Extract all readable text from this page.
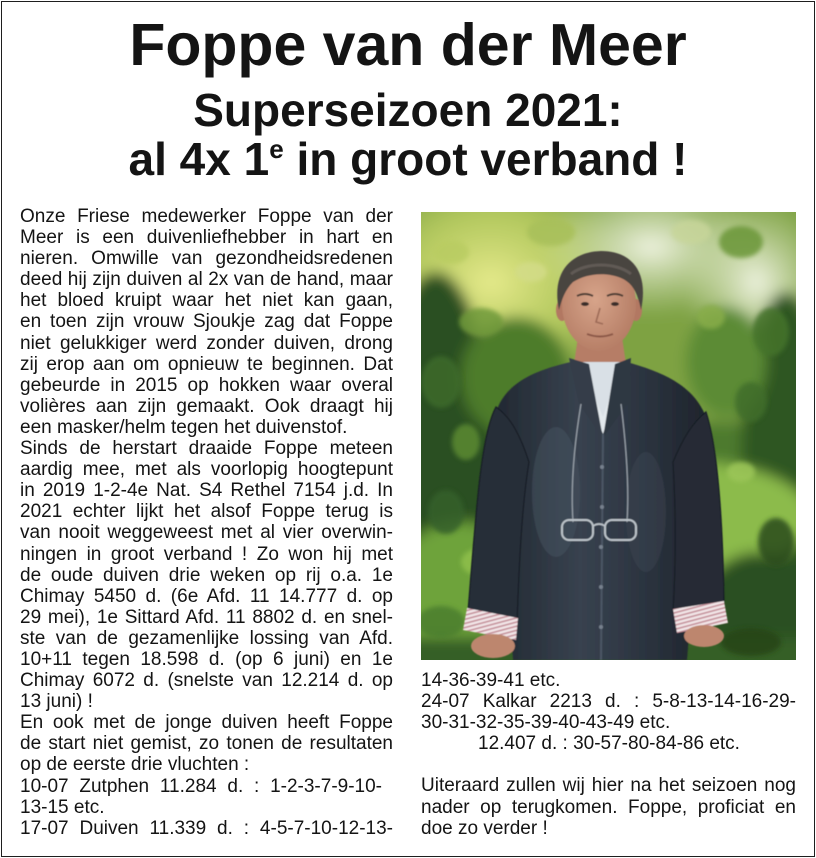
Foppe van der Meer
Superseizoen 2021:
al 4x 1e in groot verband !
Onze Friese medewerker Foppe van der
Meer is een duivenliefhebber in hart en
nieren. Omwille van gezondheidsredenen
deed hij zijn duiven al 2x van de hand, maar
het bloed kruipt waar het niet kan gaan,
en toen zijn vrouw Sjoukje zag dat Foppe
niet gelukkiger werd zonder duiven, drong
zij erop aan om opnieuw te beginnen. Dat
gebeurde in 2015 op hokken waar overal
volières aan zijn gemaakt. Ook draagt hij
een masker/helm tegen het duivenstof.
Sinds de herstart draaide Foppe meteen
aardig mee, met als voorlopig hoogtepunt
in 2019 1-2-4e Nat. S4 Rethel 7154 j.d. In
2021 echter lijkt het alsof Foppe terug is
van nooit weggeweest met al vier overwin-
ningen in groot verband ! Zo won hij met
de oude duiven drie weken op rij o.a. 1e
Chimay 5450 d. (6e Afd. 11 14.777 d. op
29 mei), 1e Sittard Afd. 11 8802 d. en snel-
ste van de gezamenlijke lossing van Afd.
10+11 tegen 18.598 d. (op 6 juni) en 1e
Chimay 6072 d. (snelste van 12.214 d. op
13 juni) !
En ook met de jonge duiven heeft Foppe
de start niet gemist, zo tonen de resultaten
op de eerste drie vluchten :
10-07 Zutphen 11.284 d. : 1-2-3-7-9-10-
13-15 etc.
17-07 Duiven 11.339 d. : 4-5-7-10-12-13-
14-36-39-41 etc.
24-07 Kalkar 2213 d. : 5-8-13-14-16-29-
30-31-32-35-39-40-43-49 etc.
12.407 d. : 30-57-80-84-86 etc.
Uiteraard zullen wij hier na het seizoen nog
nader op terugkomen. Foppe, proficiat en
doe zo verder !
